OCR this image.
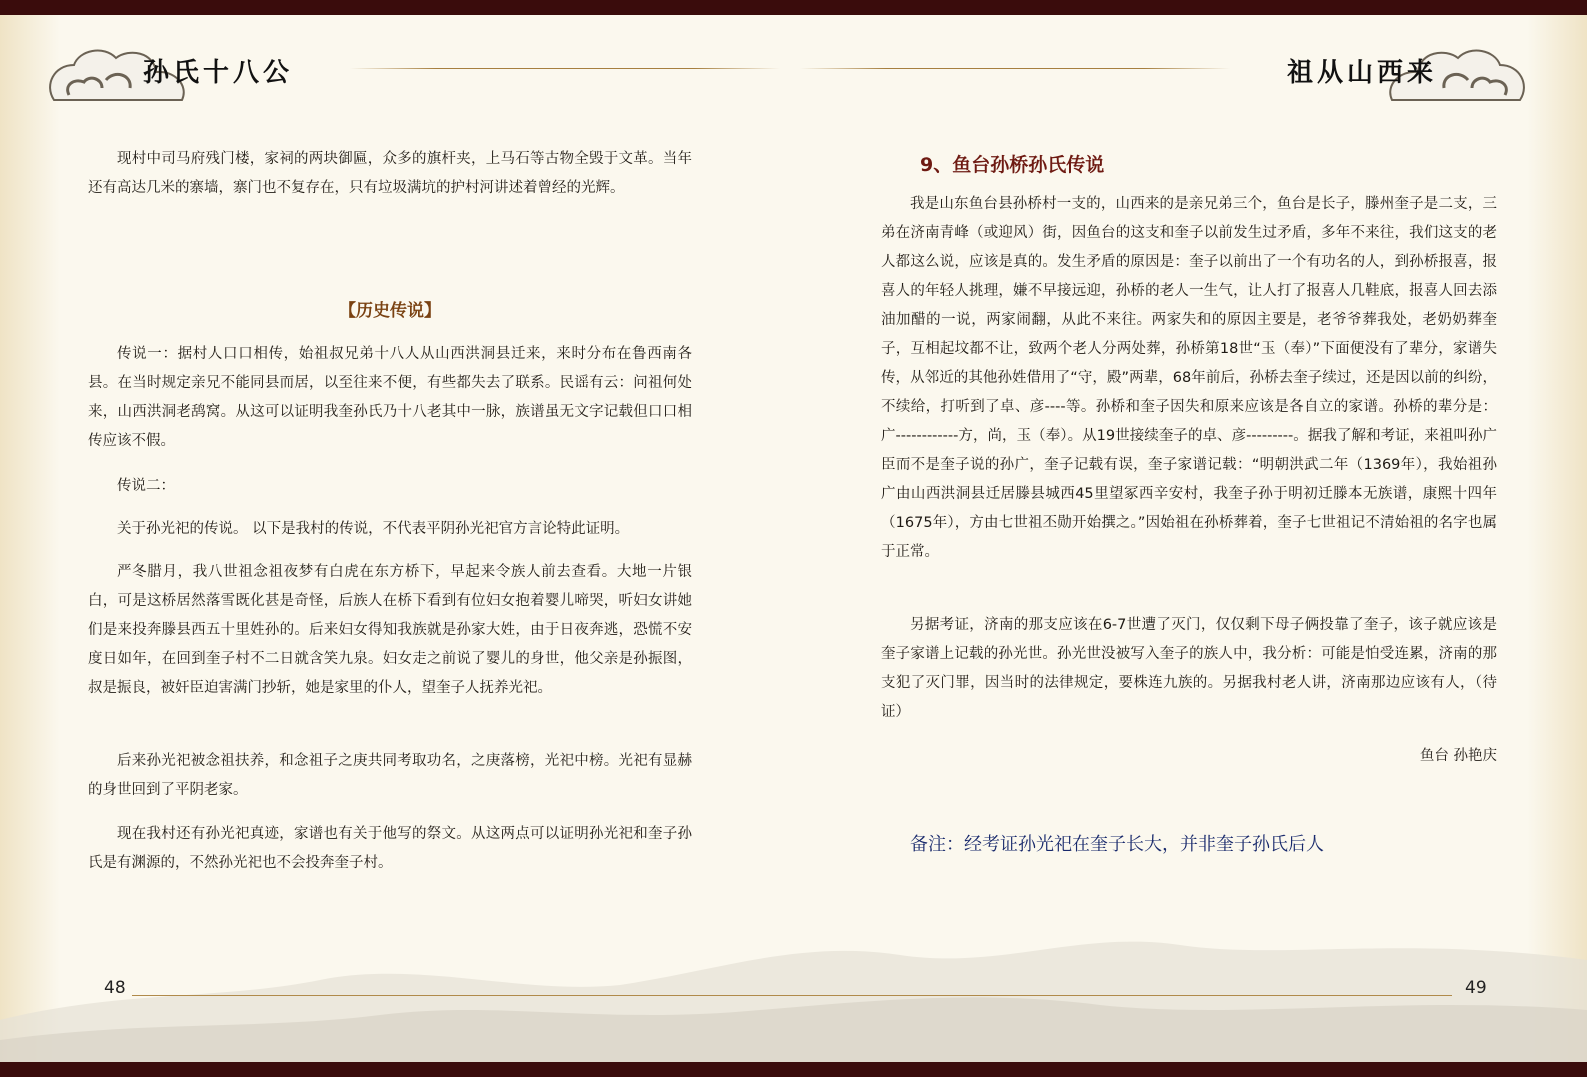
孙氏十八公	祖从山西来

现村中司马府残门楼，家祠的两块御匾，众多的旗杆夹，上马石等古物全毁于文革。当年还有高达几米的寨墙，寨门也不复存在，只有垃圾满坑的护村河讲述着曾经的光辉。

【历史传说】

传说一：据村人口口相传，始祖叔兄弟十八人从山西洪洞县迁来，来时分布在鲁西南各县。在当时规定亲兄不能同县而居，以至往来不便，有些都失去了联系。民谣有云：问祖何处来，山西洪洞老鸹窝。从这可以证明我奎孙氏乃十八老其中一脉，族谱虽无文字记载但口口相传应该不假。

传说二：

关于孙光祀的传说。 以下是我村的传说，不代表平阴孙光祀官方言论特此证明。

严冬腊月，我八世祖念祖夜梦有白虎在东方桥下，早起来令族人前去查看。大地一片银白，可是这桥居然落雪既化甚是奇怪，后族人在桥下看到有位妇女抱着婴儿啼哭，听妇女讲她们是来投奔滕县西五十里姓孙的。后来妇女得知我族就是孙家大姓，由于日夜奔逃，恐慌不安度日如年，在回到奎子村不二日就含笑九泉。妇女走之前说了婴儿的身世，他父亲是孙振图，叔是振良，被奸臣迫害满门抄斩，她是家里的仆人，望奎子人抚养光祀。

后来孙光祀被念祖扶养，和念祖子之庚共同考取功名，之庚落榜，光祀中榜。光祀有显赫的身世回到了平阴老家。

现在我村还有孙光祀真迹，家谱也有关于他写的祭文。从这两点可以证明孙光祀和奎子孙氏是有渊源的，不然孙光祀也不会投奔奎子村。

9、鱼台孙桥孙氏传说

我是山东鱼台县孙桥村一支的，山西来的是亲兄弟三个，鱼台是长子，滕州奎子是二支，三弟在济南青峰（或迎风）街，因鱼台的这支和奎子以前发生过矛盾，多年不来往，我们这支的老人都这么说，应该是真的。发生矛盾的原因是：奎子以前出了一个有功名的人，到孙桥报喜，报喜人的年轻人挑理，嫌不早接远迎，孙桥的老人一生气，让人打了报喜人几鞋底，报喜人回去添油加醋的一说，两家闹翻，从此不来往。两家失和的原因主要是，老爷爷葬我处，老奶奶葬奎子，互相起坟都不让，致两个老人分两处葬，孙桥第18世“玉（奉）”下面便没有了辈分，家谱失传，从邻近的其他孙姓借用了“守，殿”两辈，68年前后，孙桥去奎子续过，还是因以前的纠纷，不续给，打听到了卓、彦----等。孙桥和奎子因失和原来应该是各自立的家谱。孙桥的辈分是：广------------方，尚，玉（奉）。从19世接续奎子的卓、彦---------。据我了解和考证，来祖叫孙广臣而不是奎子说的孙广，奎子记载有误，奎子家谱记载：“明朝洪武二年（1369年），我始祖孙广由山西洪洞县迁居滕县城西45里望冢西辛安村，我奎子孙于明初迁滕本无族谱，康熙十四年（1675年），方由七世祖丕勋开始撰之。”因始祖在孙桥葬着，奎子七世祖记不清始祖的名字也属于正常。

另据考证，济南的那支应该在6-7世遭了灭门，仅仅剩下母子俩投靠了奎子，该子就应该是奎子家谱上记载的孙光世。孙光世没被写入奎子的族人中，我分析：可能是怕受连累，济南的那支犯了灭门罪，因当时的法律规定，要株连九族的。另据我村老人讲，济南那边应该有人，（待证）

鱼台 孙艳庆
备注：经考证孙光祀在奎子长大，并非奎子孙氏后人
48	49
